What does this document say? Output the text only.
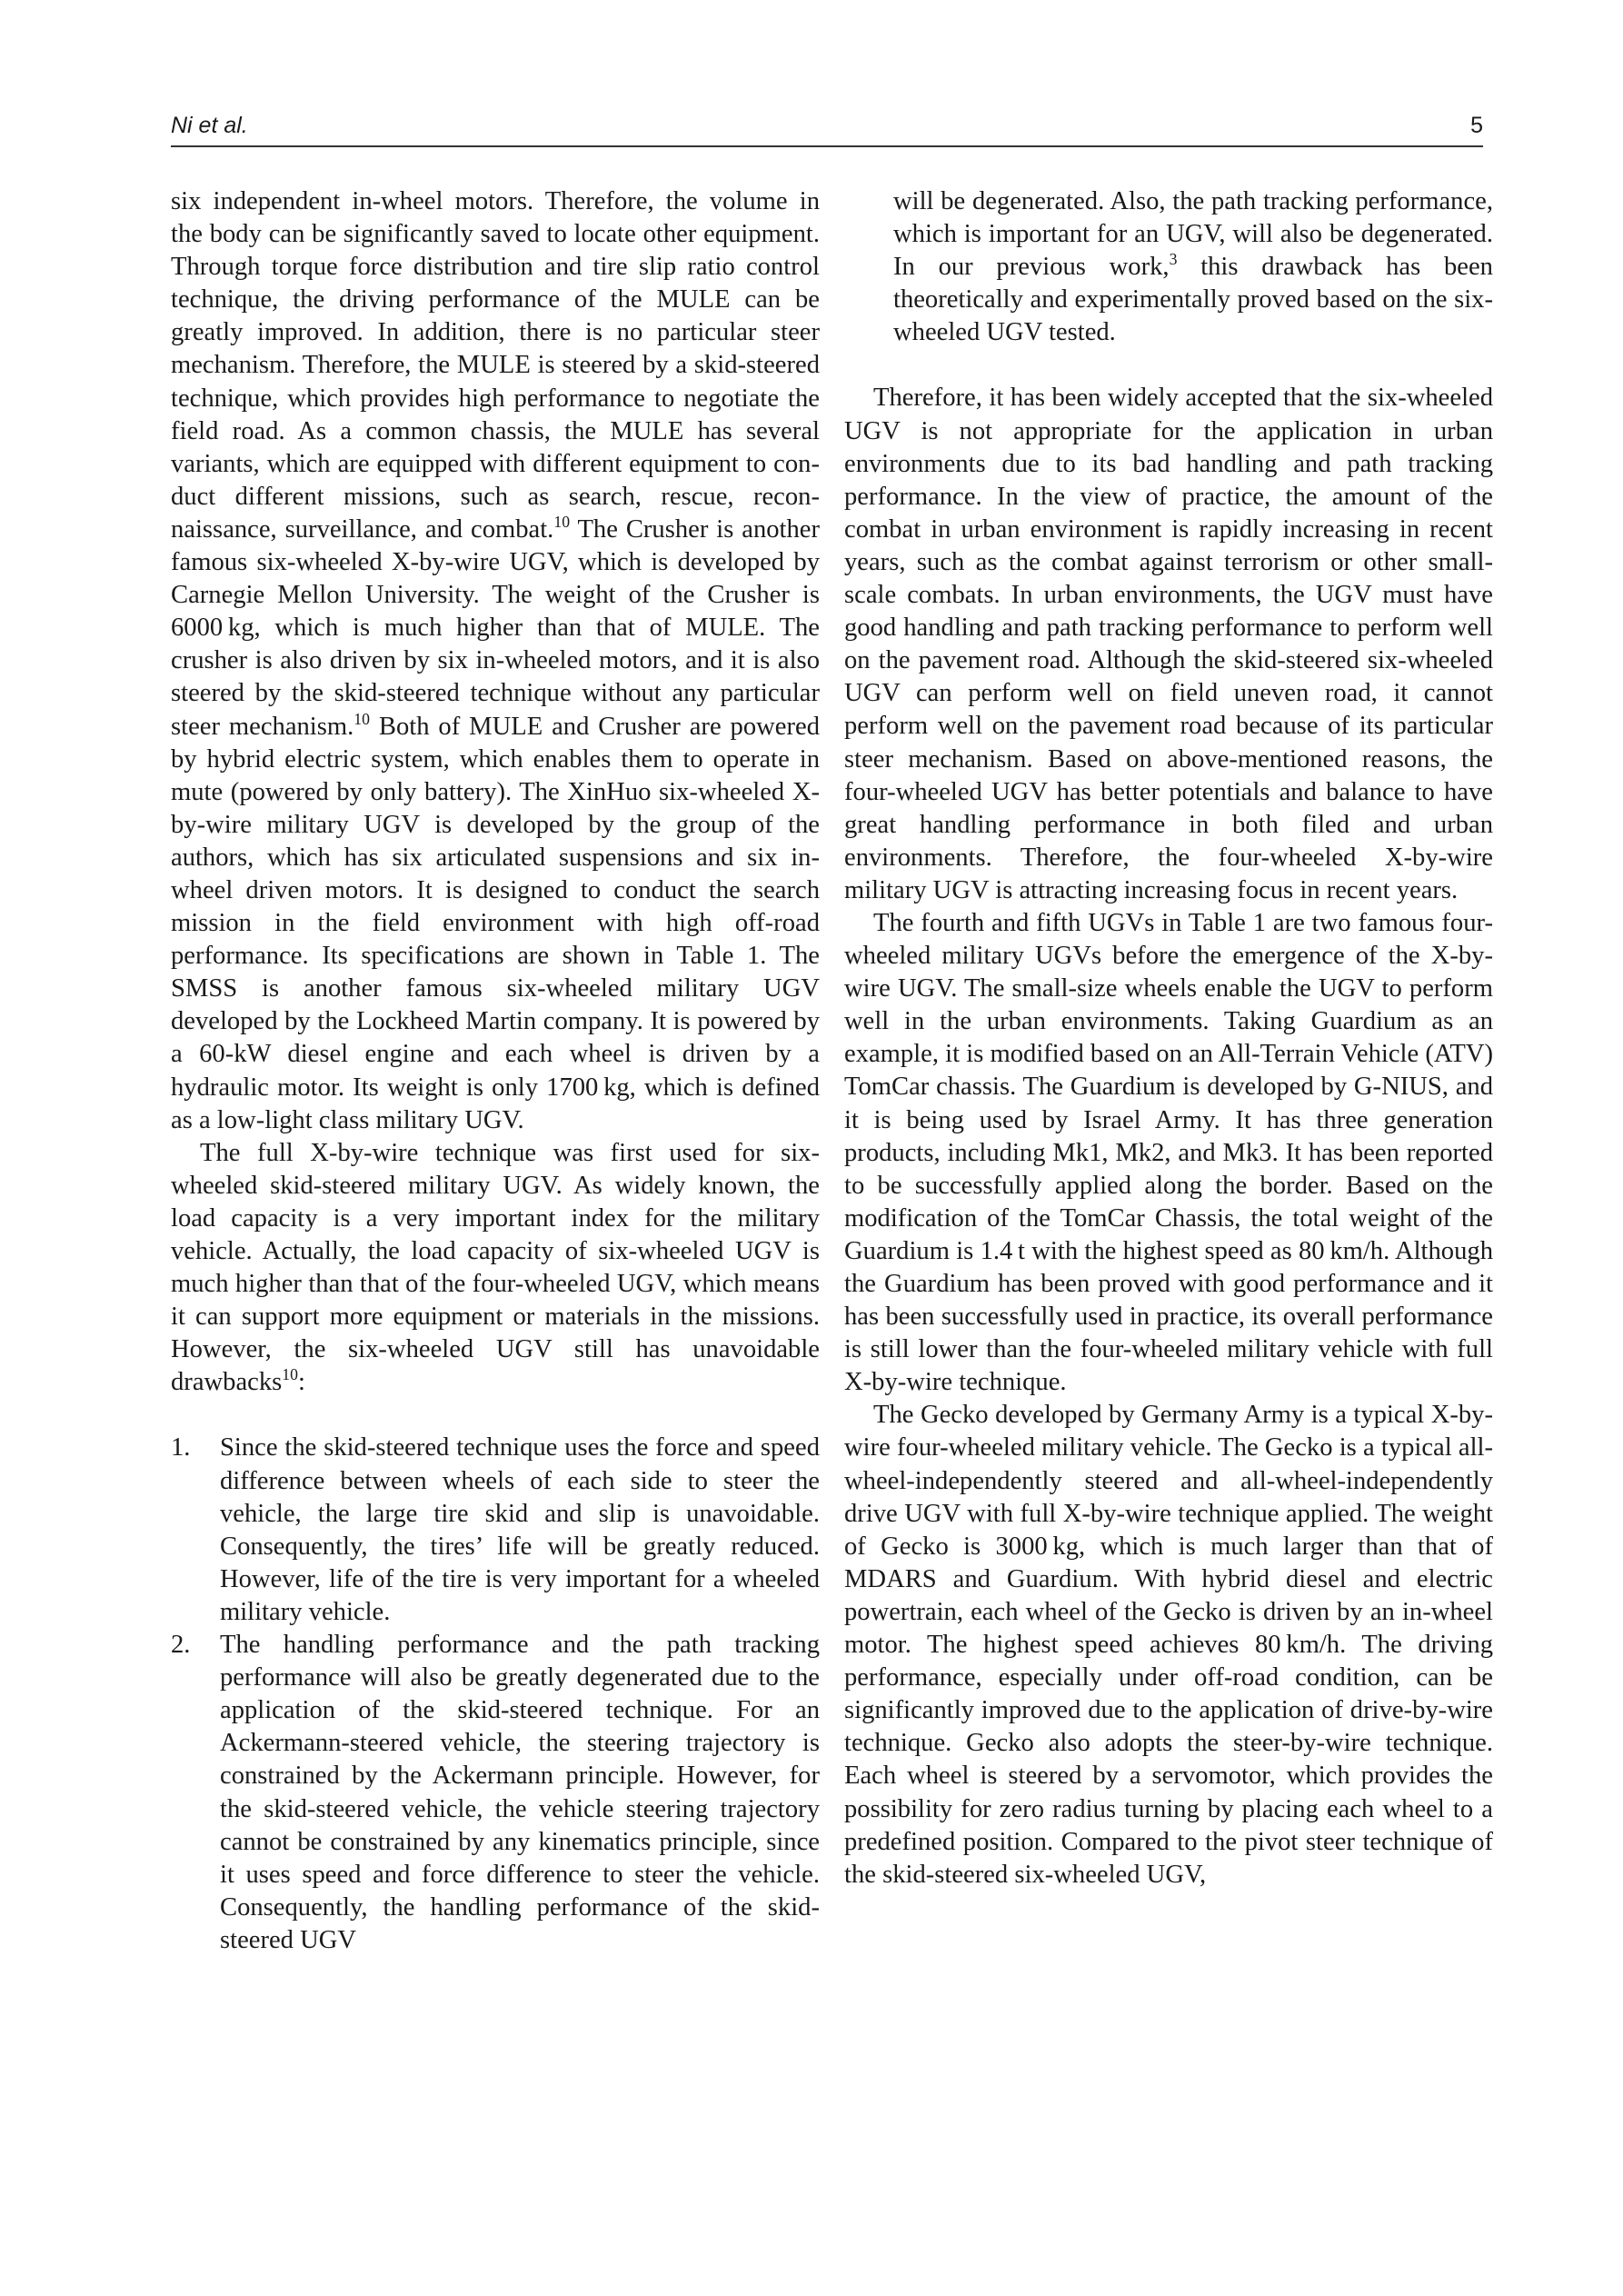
Ni et al.	5

six independent in-wheel motors. Therefore, the volume in the body can be significantly saved to locate other equipment. Through torque force distribution and tire slip ratio control technique, the driving performance of the MULE can be greatly improved. In addition, there is no particular steer mechanism. Therefore, the MULE is steered by a skid-steered technique, which provides high performance to negotiate the field road. As a common chassis, the MULE has several variants, which are equipped with different equipment to conduct different missions, such as search, rescue, reconnaissance, surveillance, and combat.$^{10}$ The Crusher is another famous six-wheeled X-by-wire UGV, which is developed by Carnegie Mellon University. The weight of the Crusher is 6000 kg, which is much higher than that of MULE. The crusher is also driven by six in-wheeled motors, and it is also steered by the skid-steered technique without any particular steer mechanism.$^{10}$ Both of MULE and Crusher are powered by hybrid electric system, which enables them to operate in mute (powered by only battery). The XinHuo six-wheeled X-by-wire military UGV is developed by the group of the authors, which has six articulated suspensions and six in-wheel driven motors. It is designed to conduct the search mission in the field environment with high off-road performance. Its specifications are shown in Table 1. The SMSS is another famous six-wheeled military UGV developed by the Lockheed Martin company. It is powered by a 60-kW diesel engine and each wheel is driven by a hydraulic motor. Its weight is only 1700 kg, which is defined as a low-light class military UGV.

The full X-by-wire technique was first used for six-wheeled skid-steered military UGV. As widely known, the load capacity is a very important index for the military vehicle. Actually, the load capacity of six-wheeled UGV is much higher than that of the four-wheeled UGV, which means it can support more equipment or materials in the missions. However, the six-wheeled UGV still has unavoidable drawbacks$^{10}$:

1. Since the skid-steered technique uses the force and speed difference between wheels of each side to steer the vehicle, the large tire skid and slip is unavoidable. Consequently, the tires’ life will be greatly reduced. However, life of the tire is very important for a wheeled military vehicle.
2. The handling performance and the path tracking performance will also be greatly degenerated due to the application of the skid-steered technique. For an Ackermann-steered vehicle, the steering trajectory is constrained by the Ackermann principle. However, for the skid-steered vehicle, the vehicle steering trajectory cannot be constrained by any kinematics principle, since it uses speed and force difference to steer the vehicle. Consequently, the handling performance of the skid-steered UGV

will be degenerated. Also, the path tracking performance, which is important for an UGV, will also be degenerated. In our previous work,$^3$ this drawback has been theoretically and experimentally proved based on the six-wheeled UGV tested.

Therefore, it has been widely accepted that the six-wheeled UGV is not appropriate for the application in urban environments due to its bad handling and path tracking performance. In the view of practice, the amount of the combat in urban environment is rapidly increasing in recent years, such as the combat against terrorism or other small-scale combats. In urban environments, the UGV must have good handling and path tracking performance to perform well on the pavement road. Although the skid-steered six-wheeled UGV can perform well on field uneven road, it cannot perform well on the pavement road because of its particular steer mechanism. Based on above-mentioned reasons, the four-wheeled UGV has better potentials and balance to have great handling performance in both filed and urban environments. Therefore, the four-wheeled X-by-wire military UGV is attracting increasing focus in recent years.

The fourth and fifth UGVs in Table 1 are two famous four-wheeled military UGVs before the emergence of the X-by-wire UGV. The small-size wheels enable the UGV to perform well in the urban environments. Taking Guardium as an example, it is modified based on an All-Terrain Vehicle (ATV) TomCar chassis. The Guardium is developed by G-NIUS, and it is being used by Israel Army. It has three generation products, including Mk1, Mk2, and Mk3. It has been reported to be successfully applied along the border. Based on the modification of the TomCar Chassis, the total weight of the Guardium is 1.4 t with the highest speed as 80 km/h. Although the Guardium has been proved with good performance and it has been successfully used in practice, its overall performance is still lower than the four-wheeled military vehicle with full X-by-wire technique.

The Gecko developed by Germany Army is a typical X-by-wire four-wheeled military vehicle. The Gecko is a typical all-wheel-independently steered and all-wheel-independently drive UGV with full X-by-wire technique applied. The weight of Gecko is 3000 kg, which is much larger than that of MDARS and Guardium. With hybrid diesel and electric powertrain, each wheel of the Gecko is driven by an in-wheel motor. The highest speed achieves 80 km/h. The driving performance, especially under off-road condition, can be significantly improved due to the application of drive-by-wire technique. Gecko also adopts the steer-by-wire technique. Each wheel is steered by a servomotor, which provides the possibility for zero radius turning by placing each wheel to a predefined position. Compared to the pivot steer technique of the skid-steered six-wheeled UGV,
